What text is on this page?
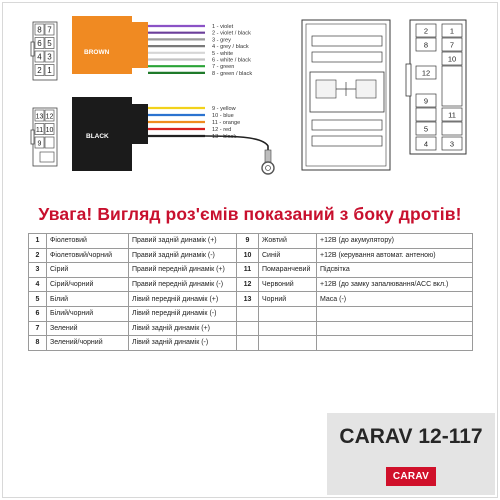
8 7
6 5
4 3
2 1
BROWN
1 - violet
2 - violet / black
3 - grey
4 - grey / black
5 - white
6 - white / black
7 - green
8 - green / black
13 12
11 10
9
BLACK
9 - yellow
10 - blue
11 - orange
12 - red
13 - black
2	1
8	7
10
12
9
11
5
4	3
Увага! Вигляд роз'ємів показаний з боку дротів!
1	Фіолетовий	Правий задній динамік (+)	9	Жовтий	+12В (до акумулятору)
2	Фіолетовий/чорний	Правий задній динамік (-)	10	Синій	+12В (керування автомат. антеною)
3	Сірий	Правий передній динамік (+)	11	Помаранчевий	Підсвітка
4	Сірий/чорний	Правий передній динамік (-)	12	Червоний	+12В (до замку запалювання/ACC вкл.)
5	Білий	Лівий передній динамік (+)	13	Чорний	Маса (-)
6	Білий/чорний	Лівий передній динамік (-)			
7	Зелений	Лівий задній динамік (+)			
8	Зелений/чорний	Лівий задній динамік (-)			
CARAV 12-117
CARAV
